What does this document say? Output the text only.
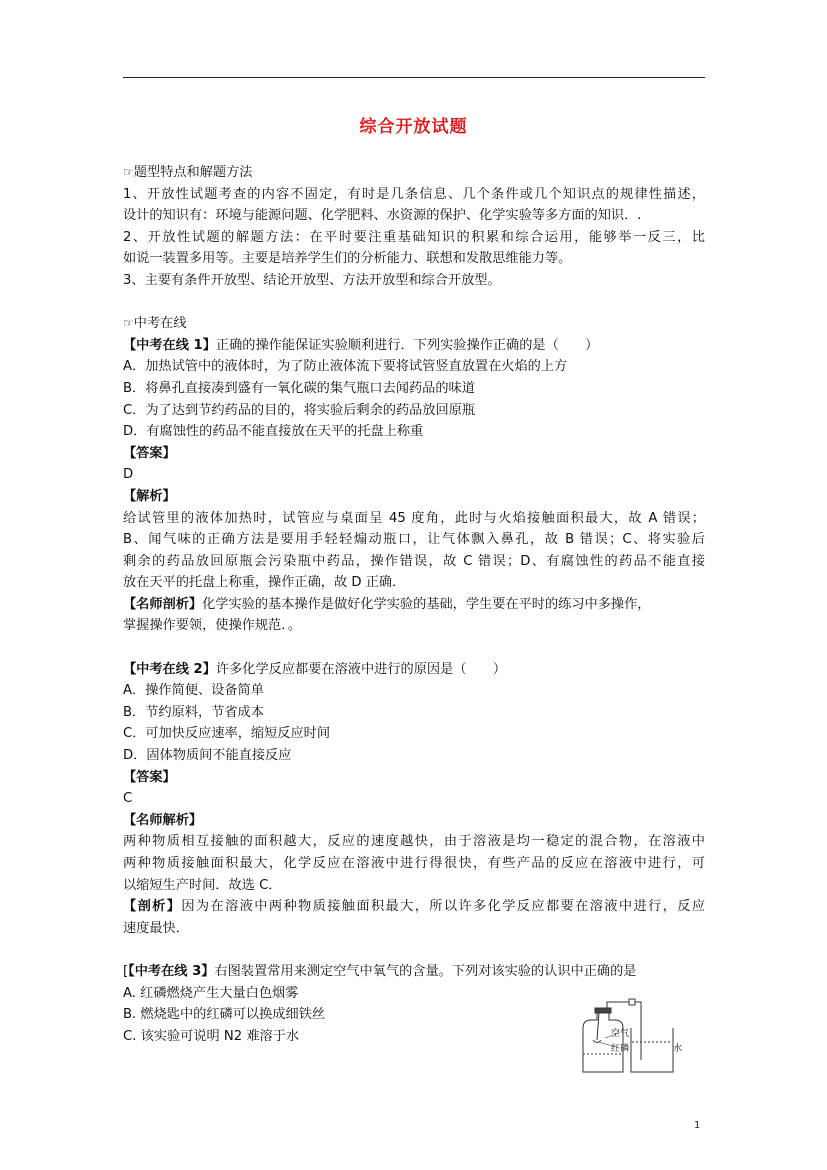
综合开放试题
☞题型特点和解题方法
1、开放性试题考查的内容不固定，有时是几条信息、几个条件或几个知识点的规律性描述，
设计的知识有：环境与能源问题、化学肥料、水资源的保护、化学实验等多方面的知识．.
2、开放性试题的解题方法：在平时要注重基础知识的积累和综合运用，能够举一反三，比
如说一装置多用等。主要是培养学生们的分析能力、联想和发散思维能力等。
3、主要有条件开放型、结论开放型、方法开放型和综合开放型。
☞中考在线
【中考在线 1】正确的操作能保证实验顺利进行．下列实验操作正确的是（　　）
A．加热试管中的液体时，为了防止液体流下要将试管竖直放置在火焰的上方
B．将鼻孔直接凑到盛有一氧化碳的集气瓶口去闻药品的味道
C．为了达到节约药品的目的，将实验后剩余的药品放回原瓶
D．有腐蚀性的药品不能直接放在天平的托盘上称重
【答案】
D
【解析】
给试管里的液体加热时，试管应与桌面呈 45 度角，此时与火焰接触面积最大，故 A 错误；
B、闻气味的正确方法是要用手轻轻煽动瓶口，让气体飘入鼻孔，故 B 错误；C、将实验后
剩余的药品放回原瓶会污染瓶中药品，操作错误，故 C 错误；D、有腐蚀性的药品不能直接
放在天平的托盘上称重，操作正确，故 D 正确．
【名师剖析】化学实验的基本操作是做好化学实验的基础，学生要在平时的练习中多操作，
掌握操作要领，使操作规范．。
【中考在线 2】许多化学反应都要在溶液中进行的原因是（　　）
A．操作简便、设备简单
B．节约原料，节省成本
C．可加快反应速率，缩短反应时间
D．固体物质间不能直接反应
【答案】
C
【名师解析】
两种物质相互接触的面积越大，反应的速度越快，由于溶液是均一稳定的混合物，在溶液中
两种物质接触面积最大，化学反应在溶液中进行得很快，有些产品的反应在溶液中进行，可
以缩短生产时间．故选 C．
【剖析】因为在溶液中两种物质接触面积最大，所以许多化学反应都要在溶液中进行，反应
速度最快．
[【中考在线 3】右图装置常用来测定空气中氧气的含量。下列对该实验的认识中正确的是
A. 红磷燃烧产生大量白色烟雾
B. 燃烧匙中的红磷可以换成细铁丝
C. 该实验可说明 N2 难溶于水	空气
红磷	水
1
